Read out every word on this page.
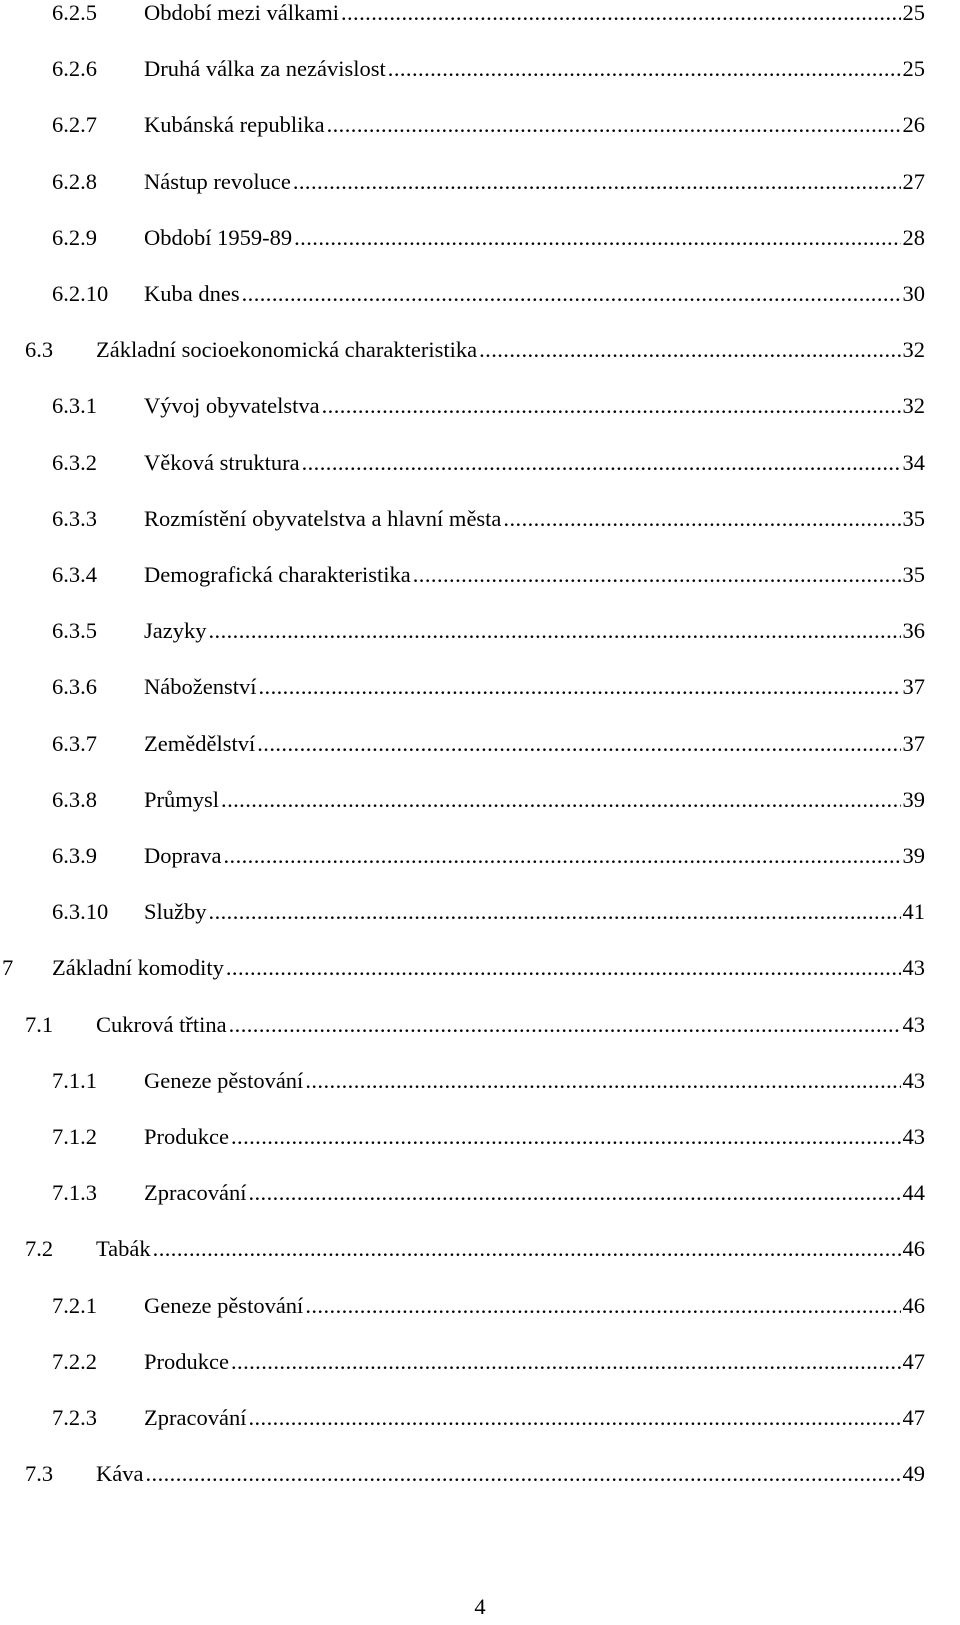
6.2.5	Období mezi válkami . . .	25
6.2.6	Druhá válka za nezávislost . . .	25
6.2.7	Kubánská republika . . .	26
6.2.8	Nástup revoluce . . .	27
6.2.9	Období 1959-89 . . .	28
6.2.10	Kuba dnes . . .	30
6.3	Základní socioekonomická charakteristika . . .	32
6.3.1	Vývoj obyvatelstva . . .	32
6.3.2	Věková struktura . . .	34
6.3.3	Rozmístění obyvatelstva a hlavní města . . .	35
6.3.4	Demografická charakteristika . . .	35
6.3.5	Jazyky . . .	36
6.3.6	Náboženství . . .	37
6.3.7	Zemědělství . . .	37
6.3.8	Průmysl . . .	39
6.3.9	Doprava . . .	39
6.3.10	Služby . . .	41
7	Základní komodity . . .	43
7.1	Cukrová třtina . . .	43
7.1.1	Geneze pěstování . . .	43
7.1.2	Produkce . . .	43
7.1.3	Zpracování . . .	44
7.2	Tabák . . .	46
7.2.1	Geneze pěstování . . .	46
7.2.2	Produkce . . .	47
7.2.3	Zpracování . . .	47
7.3	Káva . . .	49
4
